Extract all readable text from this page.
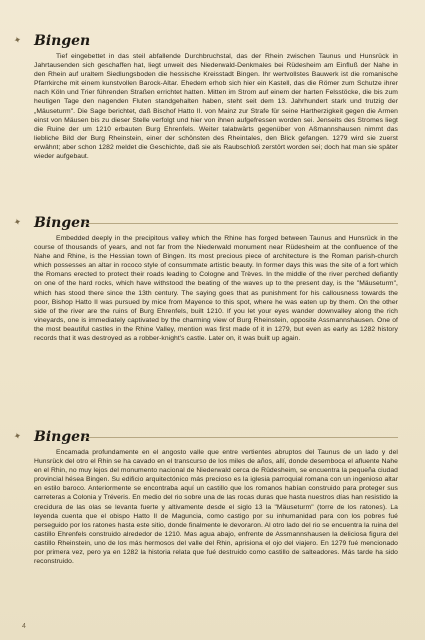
✦ Bingen

Tief eingebettet in das steil abfallende Durchbruchstal, das der Rhein zwischen Taunus und Hunsrück in Jahrtausenden sich geschaffen hat, liegt unweit des Niederwald-Denkmales bei Rüdesheim am Einfluß der Nahe in den Rhein auf uraltem Siedlungsboden die hessische Kreisstadt Bingen. Ihr wertvollstes Bauwerk ist die romanische Pfarrkirche mit einem kunstvollen Barock-Altar. Ehedem erhob sich hier ein Kastell, das die Römer zum Schutze ihrer nach Köln und Trier führenden Straßen errichtet hatten. Mitten im Strom auf einem der harten Felsstöcke, die bis zum heutigen Tage den nagenden Fluten standgehalten haben, steht seit dem 13. Jahrhundert stark und trutzig der „Mäuseturm". Die Sage berichtet, daß Bischof Hatto II. von Mainz zur Strafe für seine Hartherzigkeit gegen die Armen einst von Mäusen bis zu dieser Stelle verfolgt und hier von ihnen aufgefressen worden sei. Jenseits des Stromes liegt die Ruine der um 1210 erbauten Burg Ehrenfels. Weiter talabwärts gegenüber von Aßmannshausen nimmt das liebliche Bild der Burg Rheinstein, einer der schönsten des Rheintales, den Blick gefangen. 1279 wird sie zuerst erwähnt; aber schon 1282 meldet die Geschichte, daß sie als Raubschloß zerstört worden sei; doch hat man sie später wieder aufgebaut.

✦ Bingen

Embedded deeply in the precipitous valley which the Rhine has forged between Taunus and Hunsrück in the course of thousands of years, and not far from the Niederwald monument near Rüdesheim at the confluence of the Nahe and Rhine, is the Hessian town of Bingen. Its most precious piece of architecture is the Roman parish-church which possesses an altar in rococo style of consummate artistic beauty. In former days this was the site of a fort which the Romans erected to protect their roads leading to Cologne and Trèves. In the middle of the river perched defiantly on one of the hard rocks, which have withstood the beating of the waves up to the present day, is the "Mäuseturm", which has stood there since the 13th century. The saying goes that as punishment for his callousness towards the poor, Bishop Hatto II was pursued by mice from Mayence to this spot, where he was eaten up by them. On the other side of the river are the ruins of Burg Ehrenfels, built 1210. If you let your eyes wander downvalley along the rich vineyards, one is immediately captivated by the charming view of Burg Rheinstein, opposite Assmannshausen. One of the most beautiful castles in the Rhine Valley, mention was first made of it in 1279, but even as early as 1282 history records that it was destroyed as a robber-knight's castle. Later on, it was built up again.

✦ Bingen

Encamada profundamente en el angosto valle que entre vertientes abruptos del Taunus de un lado y del Hunsrück del otro el Rhin se ha cavado en el transcurso de los miles de años, allí, donde desemboca el afluente Nahe en el Rhin, no muy lejos del monumento nacional de Niederwald cerca de Rüdesheim, se encuentra la pequeña ciudad provincial hésea Bingen. Su edificio arquitectónico más precioso es la iglesia parroquial romana con un ingenioso altar en estilo baroco. Anteriormente se encontraba aquí un castillo que los romanos habían construido para proteger sus carreteras a Colonia y Tréveris. En medio del rio sobre una de las rocas duras que hasta nuestros días han resistido la crecidura de las olas se levanta fuerte y altivamente desde el siglo 13 la "Mäuseturm" (torre de los ratones). La leyenda cuenta que el obispo Hatto II de Maguncia, como castigo por su inhumanidad para con los pobres fué perseguido por los ratones hasta este sitio, donde finalmente le devoraron. Al otro lado del rio se encuentra la ruina del castillo Ehrenfels construido alrededor de 1210. Mas agua abajo, enfrente de Assmannshausen la deliciosa figura del castillo Rheinstein, uno de los más hermosos del valle del Rhin, aprisiona el ojo del viajero. En 1279 fué mencionado por primera vez, pero ya en 1282 la historia relata que fué destruido como castillo de salteadores. Más tarde ha sido reconstruido.

4
